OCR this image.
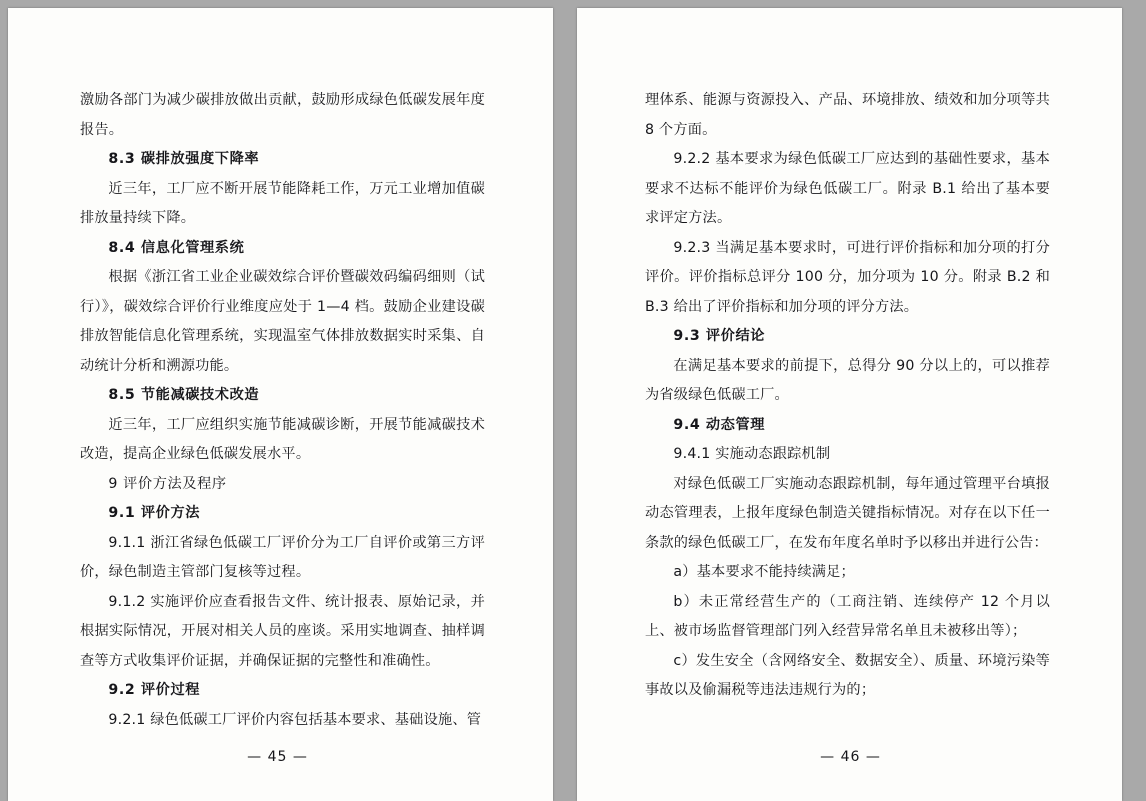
激励各部门为减少碳排放做出贡献，鼓励形成绿色低碳发展年度报告。

8.3 碳排放强度下降率

近三年，工厂应不断开展节能降耗工作，万元工业增加值碳排放量持续下降。

8.4 信息化管理系统

根据《浙江省工业企业碳效综合评价暨碳效码编码细则（试行）》，碳效综合评价行业维度应处于 1—4 档。鼓励企业建设碳排放智能信息化管理系统，实现温室气体排放数据实时采集、自动统计分析和溯源功能。

8.5 节能减碳技术改造

近三年，工厂应组织实施节能减碳诊断，开展节能减碳技术改造，提高企业绿色低碳发展水平。

9 评价方法及程序

9.1 评价方法

9.1.1 浙江省绿色低碳工厂评价分为工厂自评价或第三方评价，绿色制造主管部门复核等过程。

9.1.2 实施评价应查看报告文件、统计报表、原始记录，并根据实际情况，开展对相关人员的座谈。采用实地调查、抽样调查等方式收集评价证据，并确保证据的完整性和准确性。

9.2 评价过程

9.2.1 绿色低碳工厂评价内容包括基本要求、基础设施、管

— 45 —

理体系、能源与资源投入、产品、环境排放、绩效和加分项等共 8 个方面。

9.2.2 基本要求为绿色低碳工厂应达到的基础性要求，基本要求不达标不能评价为绿色低碳工厂。附录 B.1 给出了基本要求评定方法。

9.2.3 当满足基本要求时，可进行评价指标和加分项的打分评价。评价指标总评分 100 分，加分项为 10 分。附录 B.2 和 B.3 给出了评价指标和加分项的评分方法。

9.3 评价结论

在满足基本要求的前提下，总得分 90 分以上的，可以推荐为省级绿色低碳工厂。

9.4 动态管理

9.4.1 实施动态跟踪机制

对绿色低碳工厂实施动态跟踪机制，每年通过管理平台填报动态管理表，上报年度绿色制造关键指标情况。对存在以下任一条款的绿色低碳工厂，在发布年度名单时予以移出并进行公告：

a）基本要求不能持续满足；

b）未正常经营生产的（工商注销、连续停产 12 个月以上、被市场监督管理部门列入经营异常名单且未被移出等）；

c）发生安全（含网络安全、数据安全）、质量、环境污染等事故以及偷漏税等违法违规行为的；

— 46 —
